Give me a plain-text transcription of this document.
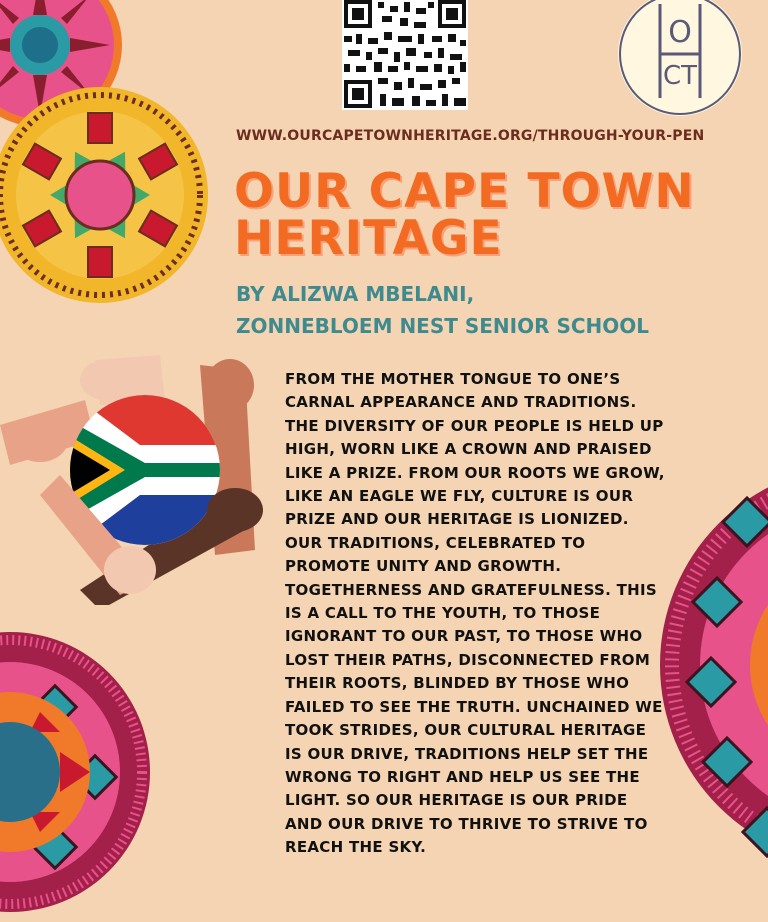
O
CT
WWW.OURCAPETOWNHERITAGE.ORG/THROUGH-YOUR-PEN
OUR CAPE TOWN HERITAGE
BY ALIZWA MBELANI,
ZONNEBLOEM NEST SENIOR SCHOOL
FROM THE MOTHER TONGUE TO ONE’S CARNAL APPEARANCE AND TRADITIONS. THE DIVERSITY OF OUR PEOPLE IS HELD UP HIGH, WORN LIKE A CROWN AND PRAISED LIKE A PRIZE. FROM OUR ROOTS WE GROW, LIKE AN EAGLE WE FLY, CULTURE IS OUR PRIZE AND OUR HERITAGE IS LIONIZED. OUR TRADITIONS, CELEBRATED TO PROMOTE UNITY AND GROWTH. TOGETHERNESS AND GRATEFULNESS. THIS IS A CALL TO THE YOUTH, TO THOSE IGNORANT TO OUR PAST, TO THOSE WHO LOST THEIR PATHS, DISCONNECTED FROM THEIR ROOTS, BLINDED BY THOSE WHO FAILED TO SEE THE TRUTH. UNCHAINED WE TOOK STRIDES, OUR CULTURAL HERITAGE IS OUR DRIVE, TRADITIONS HELP SET THE WRONG TO RIGHT AND HELP US SEE THE LIGHT. SO OUR HERITAGE IS OUR PRIDE AND OUR DRIVE TO THRIVE TO STRIVE TO REACH THE SKY.
